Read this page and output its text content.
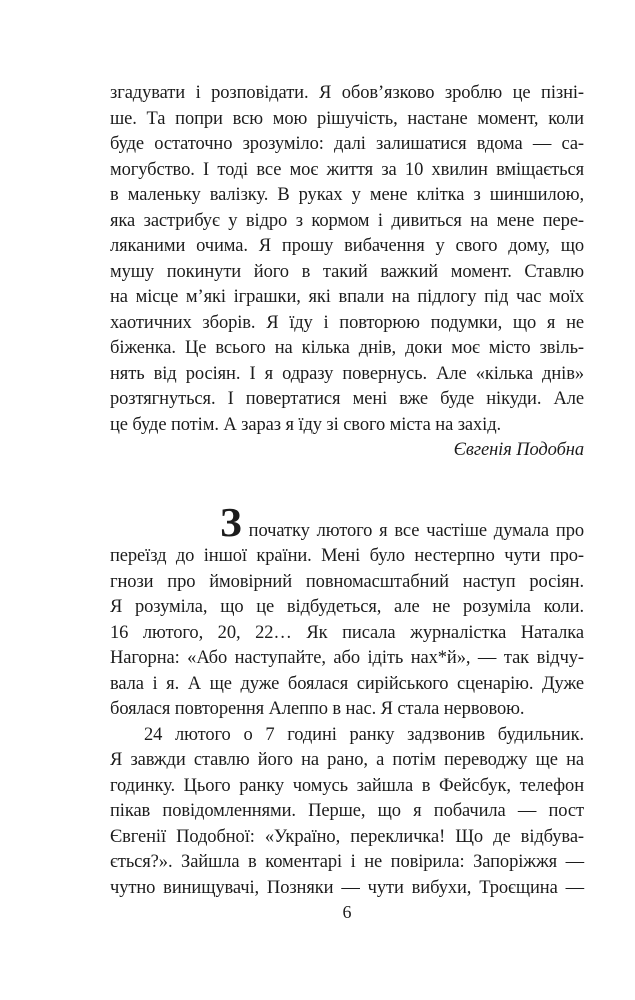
згадувати і розповідати. Я обов’язково зроблю це пізні-
ше. Та попри всю мою рішучість, настане момент, коли
буде остаточно зрозуміло: далі залишатися вдома — са-
могубство. І тоді все моє життя за 10 хвилин вміщається
в маленьку валізку. В руках у мене клітка з шиншилою,
яка застрибує у відро з кормом і дивиться на мене пере-
ляканими очима. Я прошу вибачення у свого дому, що
мушу покинути його в такий важкий момент. Ставлю
на місце м’які іграшки, які впали на підлогу під час моїх
хаотичних зборів. Я їду і повторюю подумки, що я не
біженка. Це всього на кілька днів, доки моє місто звіль-
нять від росіян. І я одразу повернусь. Але «кілька днів»
розтягнуться. І повертатися мені вже буде нікуди. Але
це буде потім. А зараз я їду зі свого міста на захід.
Євгенія Подобна
Зпочатку лютого я все частіше думала про
переїзд до іншої країни. Мені було нестерпно чути про-
гнози про ймовірний повномасштабний наступ росіян.
Я розуміла, що це відбудеться, але не розуміла коли.
16 лютого, 20, 22… Як писала журналістка Наталка
Нагорна: «Або наступайте, або ідіть нах*й», — так відчу-
вала і я. А ще дуже боялася сирійського сценарію. Дуже
боялася повторення Алеппо в нас. Я стала нервовою.
24 лютого о 7 годині ранку задзвонив будильник.
Я завжди ставлю його на рано, а потім переводжу ще на
годинку. Цього ранку чомусь зайшла в Фейсбук, телефон
пікав повідомленнями. Перше, що я побачила — пост
Євгенії Подобної: «Україно, перекличка! Що де відбува-
ється?». Зайшла в коментарі і не повірила: Запоріжжя —
чутно винищувачі, Позняки — чути вибухи, Троєщина —
6
